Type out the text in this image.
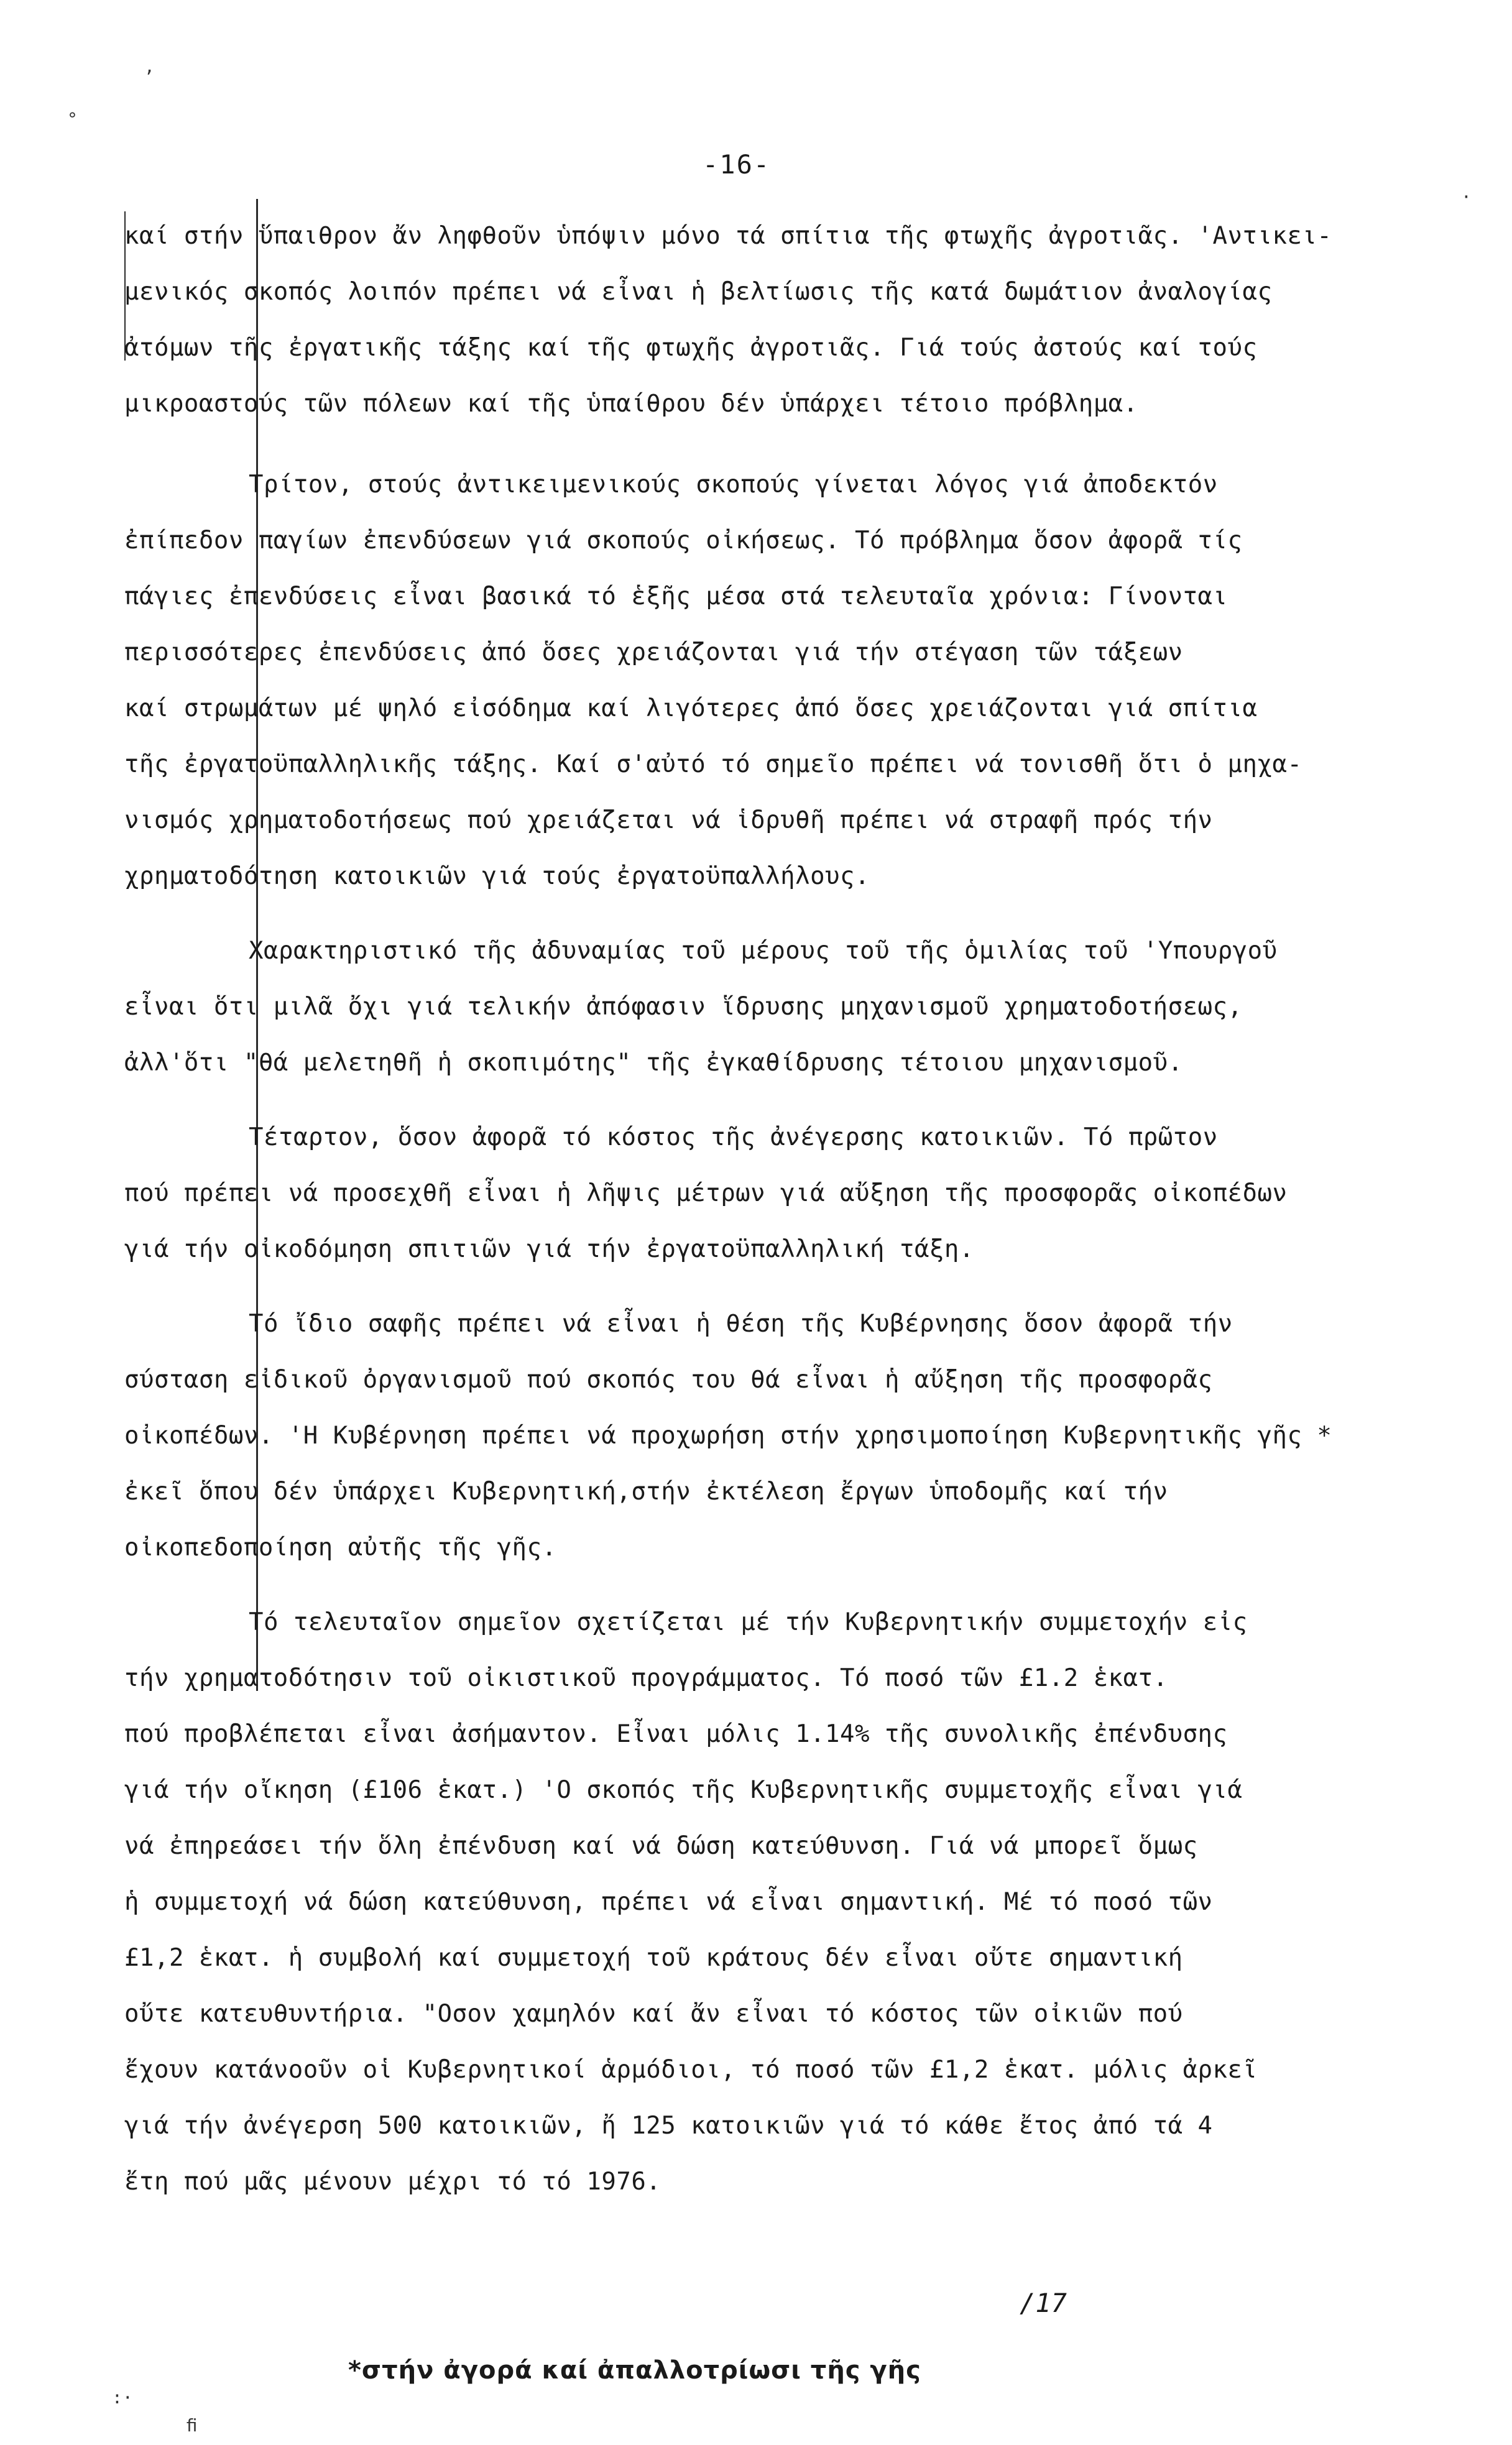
-16-
καί στήν ὕπαιθρον ἄν ληφθοῦν ὑπόψιν μόνο τά σπίτια τῆς φτωχῆς ἀγροτιᾶς. 'Αντικει-
μενικός σκοπός λοιπόν πρέπει νά εἶναι ἡ βελτίωσις τῆς κατά δωμάτιον ἀναλογίας
ἀτόμων τῆς ἐργατικῆς τάξης καί τῆς φτωχῆς ἀγροτιᾶς. Γιά τούς ἀστούς καί τούς
μικροαστούς τῶν πόλεων καί τῆς ὑπαίθρου δέν ὑπάρχει τέτοιο πρόβλημα.
Τρίτον, στούς ἀντικειμενικούς σκοπούς γίνεται λόγος γιά ἀποδεκτόν
ἐπίπεδον παγίων ἐπενδύσεων γιά σκοπούς οἰκήσεως. Τό πρόβλημα ὅσον ἀφορᾶ τίς
πάγιες ἐπενδύσεις εἶναι βασικά τό ἑξῆς μέσα στά τελευταῖα χρόνια: Γίνονται
περισσότερες ἐπενδύσεις ἀπό ὅσες χρειάζονται γιά τήν στέγαση τῶν τάξεων
καί στρωμάτων μέ ψηλό εἰσόδημα καί λιγότερες ἀπό ὅσες χρειάζονται γιά σπίτια
τῆς ἐργατοϋπαλληλικῆς τάξης. Καί σ'αὐτό τό σημεῖο πρέπει νά τονισθῆ ὅτι ὁ μηχα-
νισμός χρηματοδοτήσεως πού χρειάζεται νά ἱδρυθῆ πρέπει νά στραφῆ πρός τήν
χρηματοδότηση κατοικιῶν γιά τούς ἐργατοϋπαλλήλους.
Χαρακτηριστικό τῆς ἀδυναμίας τοῦ μέρους τοῦ τῆς ὁμιλίας τοῦ 'Υπουργοῦ
εἶναι ὅτι μιλᾶ ὄχι γιά τελικήν ἀπόφασιν ἵδρυσης μηχανισμοῦ χρηματοδοτήσεως,
ἀλλ'ὅτι "θά μελετηθῆ ἡ σκοπιμότης" τῆς ἐγκαθίδρυσης τέτοιου μηχανισμοῦ.
Τέταρτον, ὅσον ἀφορᾶ τό κόστος τῆς ἀνέγερσης κατοικιῶν. Τό πρῶτον
πού πρέπει νά προσεχθῆ εἶναι ἡ λῆψις μέτρων γιά αὔξηση τῆς προσφορᾶς οἰκοπέδων
γιά τήν οἰκοδόμηση σπιτιῶν γιά τήν ἐργατοϋπαλληλική τάξη.
Τό ἴδιο σαφῆς πρέπει νά εἶναι ἡ θέση τῆς Κυβέρνησης ὅσον ἀφορᾶ τήν
σύσταση εἰδικοῦ ὀργανισμοῦ πού σκοπός του θά εἶναι ἡ αὔξηση τῆς προσφορᾶς
οἰκοπέδων. 'Η Κυβέρνηση πρέπει νά προχωρήση στήν χρησιμοποίηση Κυβερνητικῆς γῆς *
ἐκεῖ ὅπου δέν ὑπάρχει Κυβερνητική,στήν ἐκτέλεση ἔργων ὑποδομῆς καί τήν
οἰκοπεδοποίηση αὐτῆς τῆς γῆς.
Τό τελευταῖον σημεῖον σχετίζεται μέ τήν Κυβερνητικήν συμμετοχήν εἰς
τήν χρηματοδότησιν τοῦ οἰκιστικοῦ προγράμματος. Τό ποσό τῶν £1.2 ἑκατ.
πού προβλέπεται εἶναι ἀσήμαντον. Εἶναι μόλις 1.14% τῆς συνολικῆς ἐπένδυσης
γιά τήν οἴκηση (£106 ἑκατ.) 'Ο σκοπός τῆς Κυβερνητικῆς συμμετοχῆς εἶναι γιά
νά ἐπηρεάσει τήν ὅλη ἐπένδυση καί νά δώση κατεύθυνση. Γιά νά μπορεῖ ὅμως
ἡ συμμετοχή νά δώση κατεύθυνση, πρέπει νά εἶναι σημαντική. Μέ τό ποσό τῶν
£1,2 ἑκατ. ἡ συμβολή καί συμμετοχή τοῦ κράτους δέν εἶναι οὔτε σημαντική
οὔτε κατευθυντήρια. "Οσον χαμηλόν καί ἄν εἶναι τό κόστος τῶν οἰκιῶν πού
ἔχουν κατάνοοῦν οἱ Κυβερνητικοί ἁρμόδιοι, τό ποσό τῶν £1,2 ἑκατ. μόλις ἀρκεῖ
γιά τήν ἀνέγερση 500 κατοικιῶν, ἤ 125 κατοικιῶν γιά τό κάθε ἔτος ἀπό τά 4
ἔτη πού μᾶς μένουν μέχρι τό τό 1976.
/17
*στήν ἀγορά καί ἀπαλλοτρίωσι τῆς γῆς
°
,
·
:·
ﬁ
